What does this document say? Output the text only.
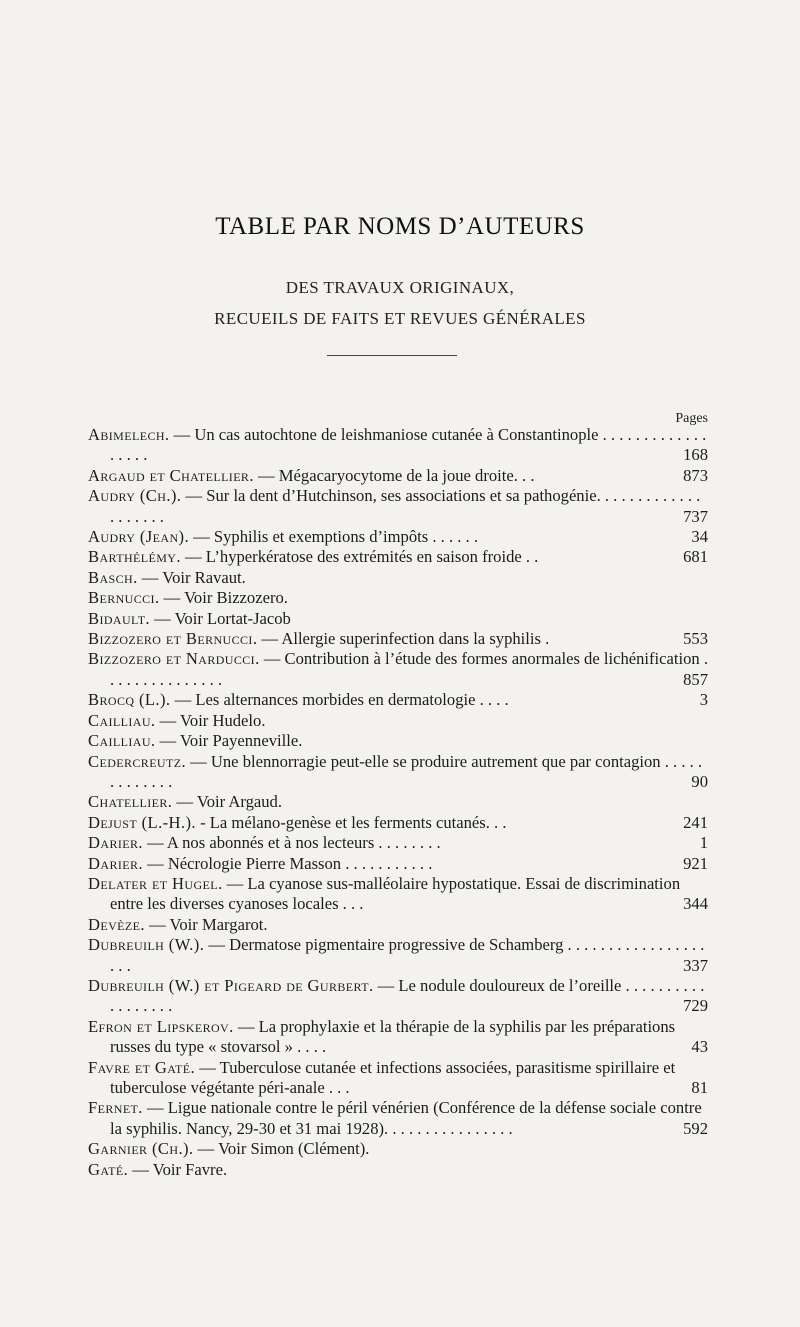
TABLE PAR NOMS D’AUTEURS
DES TRAVAUX ORIGINAUX,
RECUEILS DE FAITS ET REVUES GÉNÉRALES
Pages
Abimelech. — Un cas autochtone de leishmaniose cutanée à Constantinople . . . . . . . . . . . . . . . . . .	168
Argaud et Chatellier. — Mégacaryocytome de la joue droite. . .	873
Audry (Ch.). — Sur la dent d’Hutchinson, ses associations et sa pathogénie. . . . . . . . . . . . . . . . . . . .	737
Audry (Jean). — Syphilis et exemptions d’impôts . . . . . .	34
Barthélémy. — L’hyperkératose des extrémités en saison froide . .	681
Basch. — Voir Ravaut.
Bernucci. — Voir Bizzozero.
Bidault. — Voir Lortat-Jacob
Bizzozero et Bernucci. — Allergie superinfection dans la syphilis .	553
Bizzozero et Narducci. — Contribution à l’étude des formes anormales de lichénification . . . . . . . . . . . . . . .	857
Brocq (L.). — Les alternances morbides en dermatologie . . . .	3
Cailliau. — Voir Hudelo.
Cailliau. — Voir Payenneville.
Cedercreutz. — Une blennorragie peut-elle se produire autrement que par contagion . . . . . . . . . . . . .	90
Chatellier. — Voir Argaud.
Dejust (L.-H.). - La mélano-genèse et les ferments cutanés. . .	241
Darier. — A nos abonnés et à nos lecteurs . . . . . . . .	1
Darier. — Nécrologie Pierre Masson . . . . . . . . . . .	921
Delater et Hugel. — La cyanose sus-malléolaire hypostatique. Essai de discrimination entre les diverses cyanoses locales . . .	344
Devèze. — Voir Margarot.
Dubreuilh (W.). — Dermatose pigmentaire progressive de Schamberg . . . . . . . . . . . . . . . . . . . .	337
Dubreuilh (W.) et Pigeard de Gurbert. — Le nodule douloureux de l’oreille . . . . . . . . . . . . . . . . . .	729
Efron et Lipskerov. — La prophylaxie et la thérapie de la syphilis par les préparations russes du type « stovarsol » . . . .	43
Favre et Gaté. — Tuberculose cutanée et infections associées, parasitisme spirillaire et tuberculose végétante péri-anale . . .	81
Fernet. — Ligue nationale contre le péril vénérien (Conférence de la défense sociale contre la syphilis. Nancy, 29-30 et 31 mai 1928). . . . . . . . . . . . . . . .	592
Garnier (Ch.). — Voir Simon (Clément).
Gaté. — Voir Favre.
